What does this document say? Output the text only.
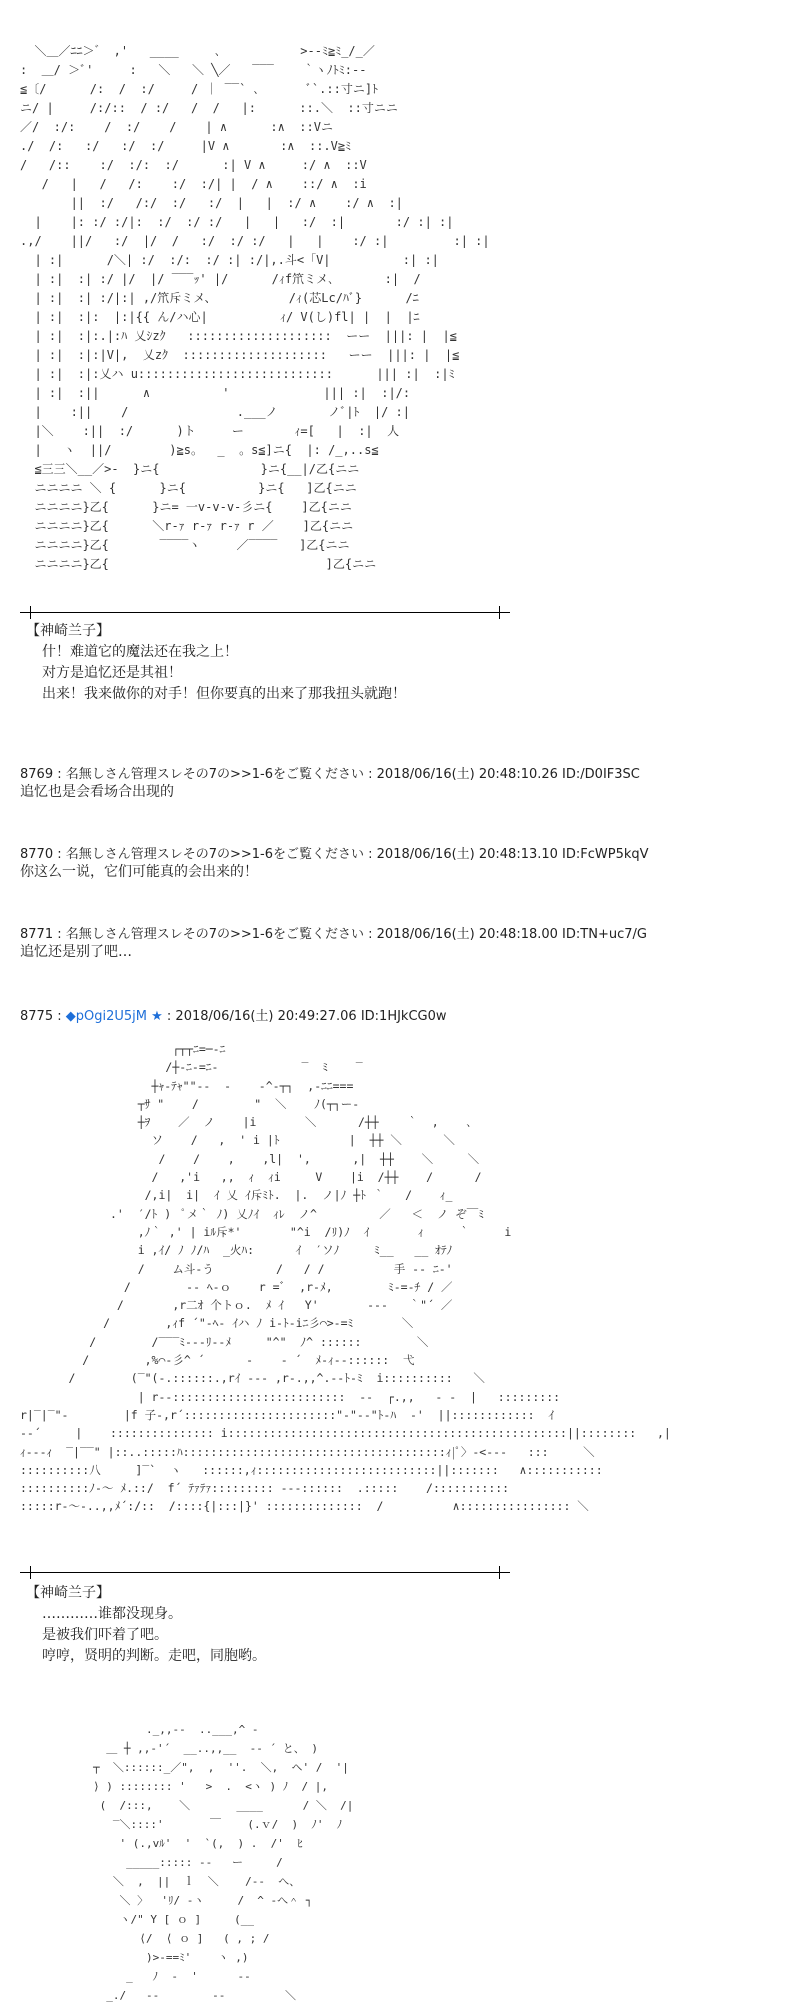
＼＿／ﾆﾆ＞゛ ,'   ____     ､           >--ﾐ≧ﾐ_/_／
:  ＿/ ＞ﾞ'     :   ＼   ＼ ╲／   ‾‾‾    ｀ヽﾉﾄﾐ:--
≦〔/      /:  /  :/     / ｜ ‾‾` ､       ﾞ`.::寸ニ]ﾄ
ニ/ |     /:/::  / :/   /  /   |:      ::.＼  ::寸ニニ
／/  :/:    /  :/    /    | ∧      :∧  ::Vニ
./  /:   :/   :/  :/     |V ∧       :∧  ::.V≧ﾐ
/   /::    :/  :/:  :/      :| V ∧     :/ ∧  ::V
/   |   /   /:    :/  :/| |  / ∧    ::/ ∧  :i
||  :/   /:/  :/   :/  |   |  :/ ∧    :/ ∧  :|
|    |: :/ :/|:  :/  :/ :/   |   |   :/  :|       :/ :| :|
.,/    ||/   :/  |/  /   :/  :/ :/   |   |    :/ :|         :| :|
| :|      /＼| :/  :/:  :/ :| :/|,.斗<「V|          :| :|
| :|  :| :/ |/  |/ ‾‾‾ｯ' |/      /ｨf笊ミメ､       :|  /
| :|  :| :/|:| ,/笊斥ミメ、          /ｨ(芯Lc/ﾊﾞ}      /ﾆ
| :|  :|:  |:|{{ ん/ハ心|          ｨ/ V(し)fl| |  |  |ﾆ
| :|  :|:.|:ﾊ 乂ｼzｸ   ::::::::::::::::::::  ーー  |||: |  |≦
| :|  :|:|V|,  乂zｸ  ::::::::::::::::::::   ーー  |||: |  |≦
| :|  :|:乂ハ u:::::::::::::::::::::::::::      ||| :|  :|ﾐ
| :|  :||      ∧          '             ||| :|  :|/:
|    :||    /               .___ノ       ノﾞ|ﾄ  |/ :|
|＼    :||  :/      )ト     ー       ｨ=[   |  :|  人
|   ヽ  ||/        )≧s。  _  。s≦]ニ{  |: /_,..s≦
≦三三＼__／>-  }ニ{              }ニ{__|/乙{ニニ
ニニニニ ＼ {      }ニ{          }ニ{   ]乙{ニニ
ニニニニ}乙{      }ニ= 一v-v-v-彡ニ{    ]乙{ニニ
ニニニニ}乙{      ＼r‐ｧ r‐ｧ r‐ｧ r ／    ]乙{ニニ
ニニニニ}乙{       ‾‾‾‾ヽ     ／‾‾‾‾   ]乙{ニニ
ニニニニ}乙{                              ]乙{ニニ
【神崎兰子】
什！难道它的魔法还在我之上！
对方是追忆还是其祖！
出来！我来做你的对手！但你要真的出来了那我扭头就跑！
8769 : 名無しさん管理スレその7の>>1-6をご覧ください : 2018/06/16(土) 20:48:10.26 ID:/D0IF3SC
追忆也是会看场合出现的
8770 : 名無しさん管理スレその7の>>1-6をご覧ください : 2018/06/16(土) 20:48:13.10 ID:FcWP5kqV
你这么一说，它们可能真的会出来的！
8771 : 名無しさん管理スレその7の>>1-6をご覧ください : 2018/06/16(土) 20:48:18.00 ID:TN+uc7/G
追忆还是别了吧…
8775 : ◆pOgi2U5jM ★ : 2018/06/16(土) 20:49:27.06 ID:1HJkCG0w
┌┬┬ﾆ=─-ﾆ
/┼‐ﾆ-=ﾆ‐            ‾  ﾐ    ‾
┼ｬ‐ﾃｬ""‐‐  ‐    ‐^‐┬┐  ,‐ﾆﾆ===
┬ｻ "    /        "  ＼    ﾉ(┬┐ー‐
┼ｦ    ／  ノ    |i       ＼      /┼┼    ｀  ,    ､
ソ    /   ,  ' i |ﾄ          |  ┼┼ ＼      ＼
/    /    ,    ,l|  ',      ,|  ┼┼    ＼     ＼
/   ,'i   ,,  ｨ  ｨi     V    |i  /┼┼    /      /
/,i|  i|  ｲ 乂 ｲ斥ﾐﾄ.  |.  ノ|ﾉ ┼ﾄ ｀   /    ｨ_
.'  ′/ﾄ )  ﾟメ｀ ﾉ) 乂ﾉｲ  ｨﾚ  ノ^         ／   ＜  ノ ぞ￣ﾐ
,ﾉ｀ ,' | iﾙ斥*'       "^i  /ﾘ)ﾉ  ｲ       ｨ     ｀     i
i ,ｲ/ ﾉ ﾉ/ﾊ  _火ﾊ:      ｲ  ′ソﾉ     ﾐ__   __ ｵﾃﾉ
/    ム斗‐う         /   / /          手 ‐‐ ﾆ‐'
/        ‐‐ ﾍ‐ｏ    r =ﾞ  ,r‐ﾒ,        ﾐ‐=‐ﾁ / ／
/       ,r二ｵ 个トｏ.  ﾒ ｲ   Y'       ‐‐‐   ｀"´ ／
/        ,ｨf ´"‐ﾍ‐ ｲハ ﾉ i‐ﾄ‐iﾆ彡⌒>‐=ﾐ       ＼
/        /‾‾‾ﾐ‐‐‐ﾘ‐‐ﾒ     "^"  ﾉ^ ::::::        ＼
/        ,%⌒‐彡^ ´      ‐    ‐ ´  ﾒ‐ｨ‐‐::::::  弋
/        (‾"(‐.::::::.,rｲ ‐‐‐ ,r‐.,,^.‐-ﾄ‐ﾐ  i::::::::::   ＼
| r‐‐:::::::::::::::::::::::::  ‐‐  ┌.,,   ‐ ‐  |   :::::::::
r|‾|‾"‐        |f 子‐,r´::::::::::::::::::::::"‐"‐‐"ﾄ‐ﾊ  ‐'  ||::::::::::::  ｲ
‐‐´     |    ::::::::::::::: i:::::::::::::::::::::::::::::::::::::::::::::::::||::::::::   ,|
ｨ‐‐‐ｨ  ‾|‾‾" |::..:::::ﾊ::::::::::::::::::::::::::::::::::::::ｨ|ﾟ〉‐<‐‐‐   :::     ＼
::::::::::八     ]‾`  ヽ   ::::::,ｨ::::::::::::::::::::::::::||:::::::   ∧:::::::::::
::::::::::ﾉ‐〜 ﾒ.::/  f´ ﾃｧﾃｧ::::::::: ‐‐‐::::::  .:::::    /:::::::::::
:::::r‐〜‐..,,ﾒ´:/::  /::::{|:::|}' ::::::::::::::  /          ∧:::::::::::::::: ＼
【神崎兰子】
…………谁都没现身。
是被我们吓着了吧。
哼哼，贤明的判断。走吧，同胞哟。
._,,‐‐  ..___,^ ‐
＿ ┼ ,,‐'´  __..,,__  ‐‐ ´ と、 )
┬  ＼::::::_／",  ,  ''.  ＼,  ヘ' /  '|
⟩ ) :::::::: '   >  .  <ヽ ) ﾉ  / |,
(  /:::,    ＼       ____      / ＼  /|
‾＼::::'       ￣    (.ｖ/  )  ﾉ'  ﾉ
' (.,vﾙ'  '  `(,  ) .  /'  ﾋ
_____::::: ‐‐   ー     /
＼  ,  ||  ｌ  ＼    /‐‐  へ、
＼ 〉  'ﾘ/ ‐ヽ     /  ^ ‐へ＾ ┐
ヽ/" Y [ ｏ ]     (__
⟨/  ⟨ ｏ ]   ( , ; /
)>‐==ﾐ'    ヽ ,)
_   ﾉ  ‐  '      ‐‐
_./   ‐‐        ‐‐         ＼
